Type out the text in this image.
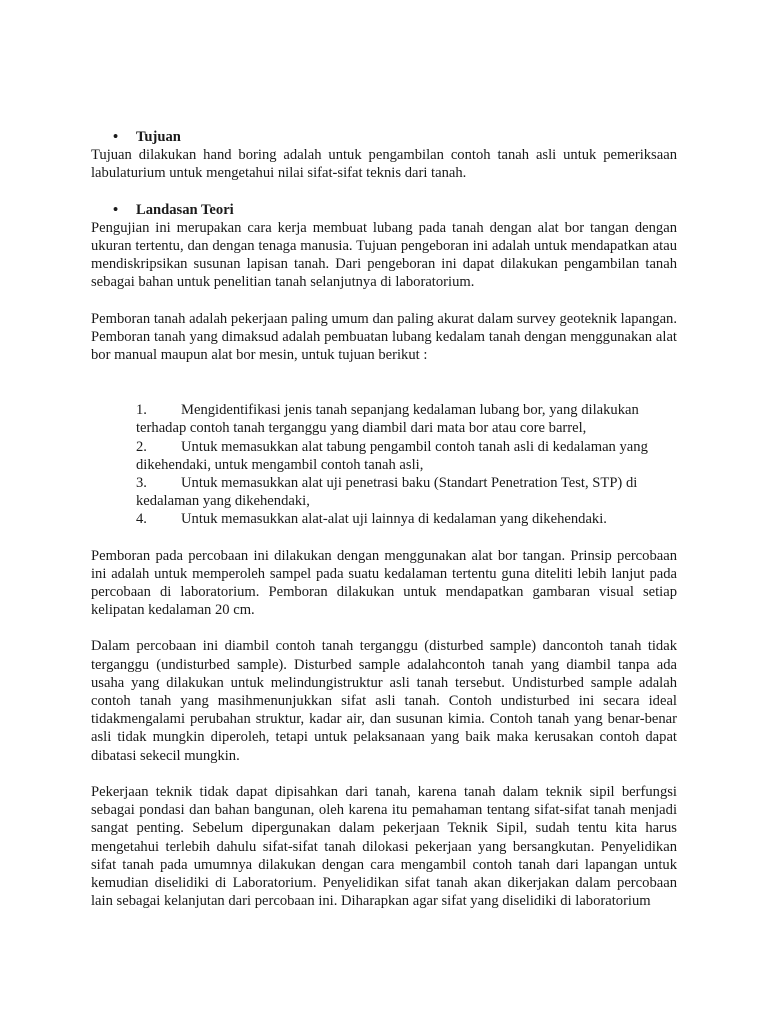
• Tujuan

Tujuan dilakukan hand boring adalah untuk pengambilan contoh tanah asli untuk pemeriksaan labulaturium untuk mengetahui nilai sifat-sifat teknis dari tanah.

• Landasan Teori

Pengujian ini merupakan cara kerja membuat lubang pada tanah dengan alat bor tangan dengan ukuran tertentu, dan dengan tenaga manusia. Tujuan pengeboran ini adalah untuk mendapatkan atau mendiskripsikan susunan lapisan tanah. Dari pengeboran ini dapat dilakukan pengambilan tanah sebagai bahan untuk penelitian tanah selanjutnya di laboratorium.

Pemboran tanah adalah pekerjaan paling umum dan paling akurat dalam survey geoteknik lapangan. Pemboran tanah yang dimaksud adalah pembuatan lubang kedalam tanah dengan menggunakan alat bor manual maupun alat bor mesin, untuk tujuan berikut :

1. Mengidentifikasi jenis tanah sepanjang kedalaman lubang bor, yang dilakukan terhadap contoh tanah terganggu yang diambil dari mata bor atau core barrel,

2. Untuk memasukkan alat tabung pengambil contoh tanah asli di kedalaman yang dikehendaki, untuk mengambil contoh tanah asli,

3. Untuk memasukkan alat uji penetrasi baku (Standart Penetration Test, STP) di kedalaman yang dikehendaki,

4. Untuk memasukkan alat-alat uji lainnya di kedalaman yang dikehendaki.

Pemboran pada percobaan ini dilakukan dengan menggunakan alat bor tangan. Prinsip percobaan ini adalah untuk memperoleh sampel pada suatu kedalaman tertentu guna diteliti lebih lanjut pada percobaan di laboratorium. Pemboran dilakukan untuk mendapatkan gambaran visual setiap kelipatan kedalaman 20 cm.

Dalam percobaan ini diambil contoh tanah terganggu (disturbed sample) dancontoh tanah tidak terganggu (undisturbed sample). Disturbed sample adalahcontoh tanah yang diambil tanpa ada usaha yang dilakukan untuk melindungistruktur asli tanah tersebut. Undisturbed sample adalah contoh tanah yang masihmenunjukkan sifat asli tanah. Contoh undisturbed ini secara ideal tidakmengalami perubahan struktur, kadar air, dan susunan kimia. Contoh tanah yang benar-benar asli tidak mungkin diperoleh, tetapi untuk pelaksanaan yang baik maka kerusakan contoh dapat dibatasi sekecil mungkin.

Pekerjaan teknik tidak dapat dipisahkan dari tanah, karena tanah dalam teknik sipil berfungsi sebagai pondasi dan bahan bangunan, oleh karena itu pemahaman tentang sifat-sifat tanah menjadi sangat penting. Sebelum dipergunakan dalam pekerjaan Teknik Sipil, sudah tentu kita harus mengetahui terlebih dahulu sifat-sifat tanah dilokasi pekerjaan yang bersangkutan. Penyelidikan sifat tanah pada umumnya dilakukan dengan cara mengambil contoh tanah dari lapangan untuk kemudian diselidiki di Laboratorium. Penyelidikan sifat tanah akan dikerjakan dalam percobaan lain sebagai kelanjutan dari percobaan ini. Diharapkan agar sifat yang diselidiki di laboratorium
